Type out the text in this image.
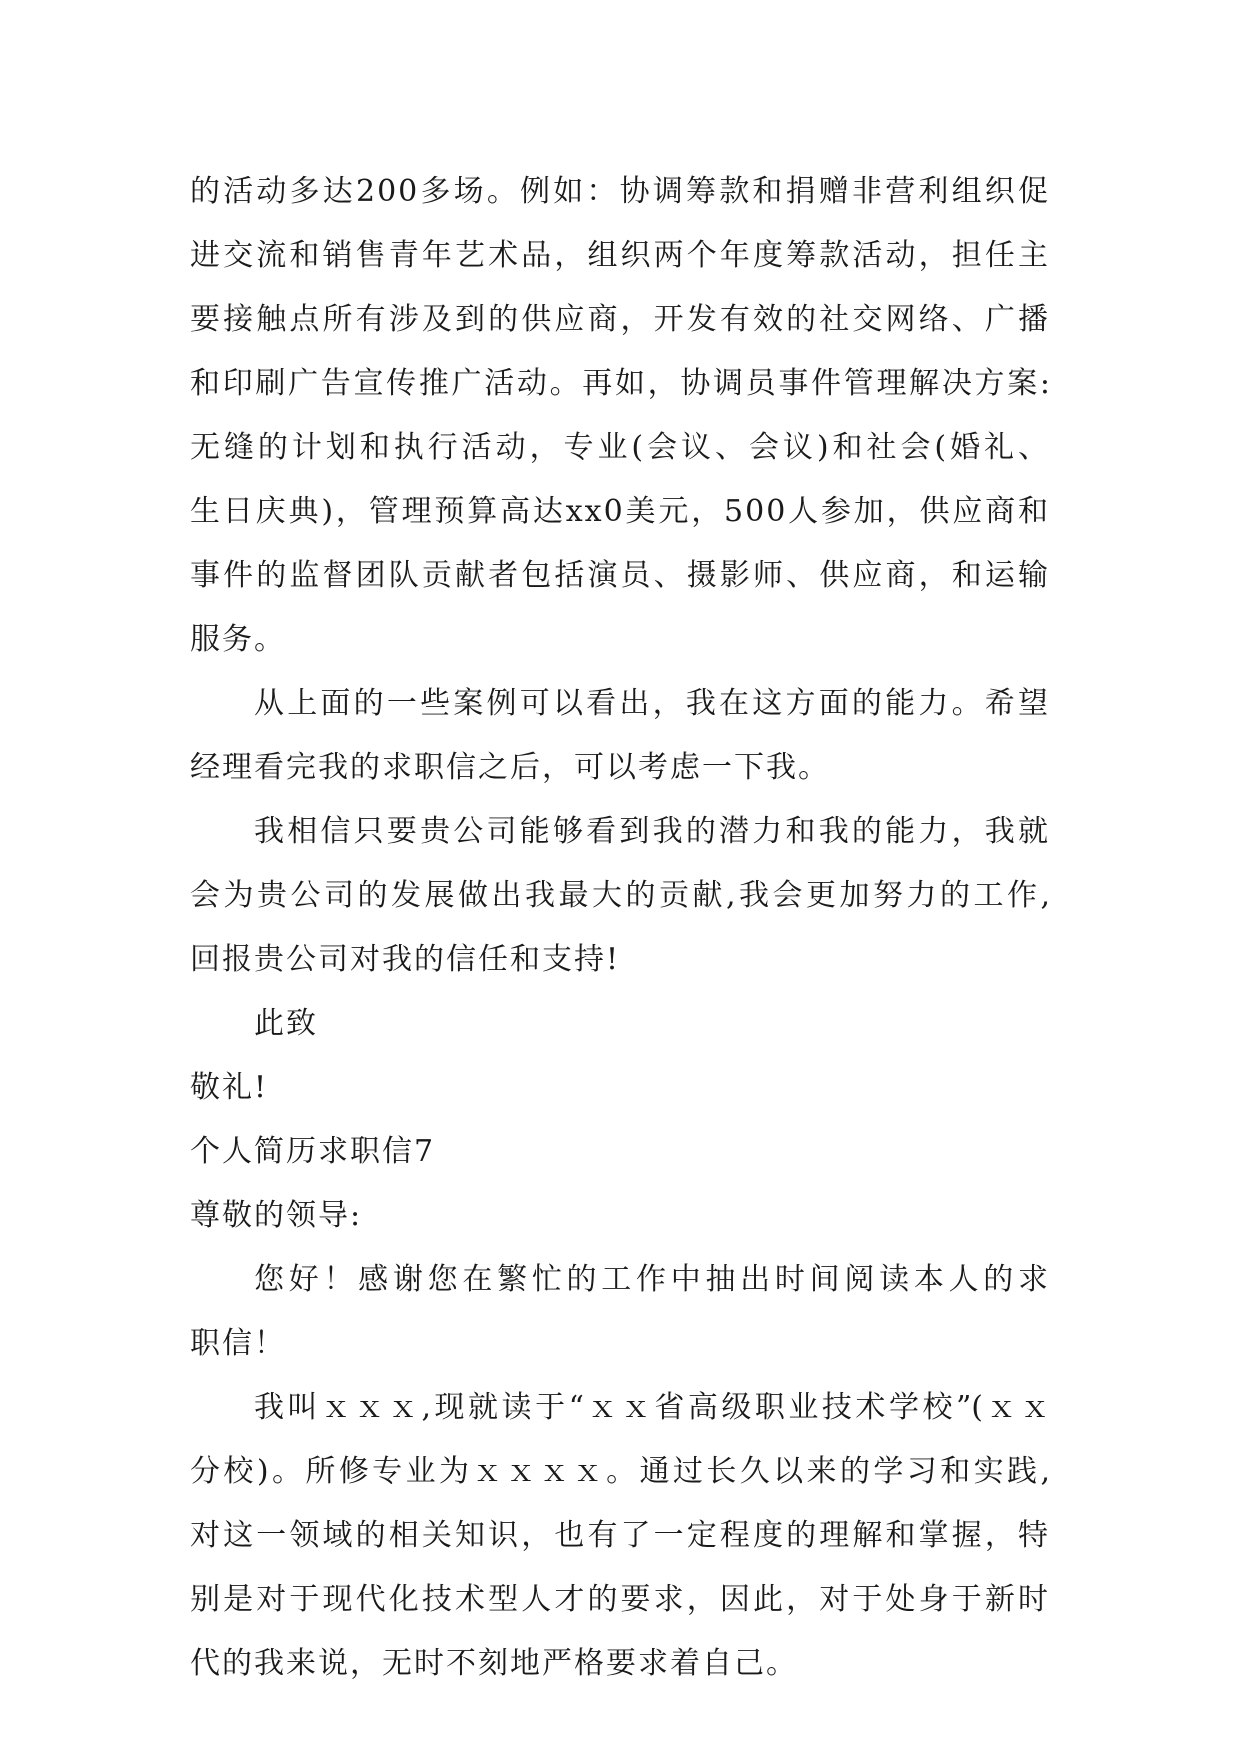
的活动多达200多场。例如：协调筹款和捐赠非营利组织促
进交流和销售青年艺术品，组织两个年度筹款活动，担任主
要接触点所有涉及到的供应商，开发有效的社交网络、广播
和印刷广告宣传推广活动。再如，协调员事件管理解决方案:
无缝的计划和执行活动，专业(会议、会议)和社会(婚礼、
生日庆典)，管理预算高达xx0美元，500人参加，供应商和
事件的监督团队贡献者包括演员、摄影师、供应商，和运输
服务。
从上面的一些案例可以看出，我在这方面的能力。希望
经理看完我的求职信之后，可以考虑一下我。
我相信只要贵公司能够看到我的潜力和我的能力，我就
会为贵公司的发展做出我最大的贡献,我会更加努力的工作,
回报贵公司对我的信任和支持!
此致
敬礼!
个人简历求职信7
尊敬的领导:
您好！感谢您在繁忙的工作中抽出时间阅读本人的求
职信！
我叫ｘｘｘ,现就读于“ｘｘ省高级职业技术学校”(ｘｘ
分校)。所修专业为ｘｘｘｘ。通过长久以来的学习和实践,
对这一领域的相关知识，也有了一定程度的理解和掌握，特
别是对于现代化技术型人才的要求，因此，对于处身于新时
代的我来说，无时不刻地严格要求着自己。
